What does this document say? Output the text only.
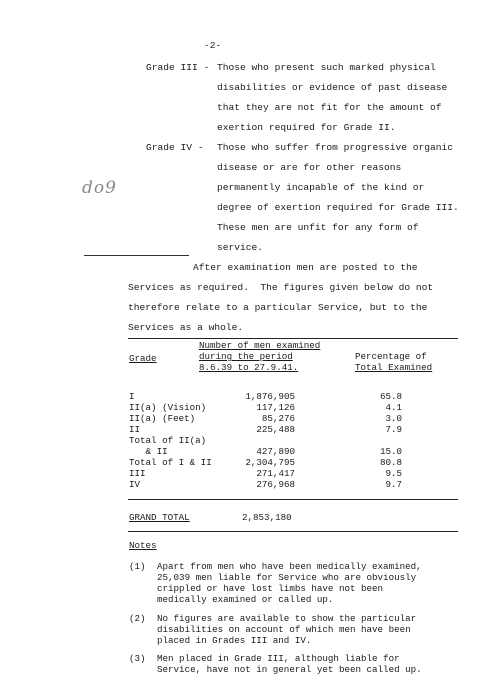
-2-
Grade III - Those who present such marked physical
disabilities or evidence of past disease
that they are not fit for the amount of
exertion required for Grade II.
Grade IV - Those who suffer from progressive organic
disease or are for other reasons
permanently incapable of the kind or
degree of exertion required for Grade III.
These men are unfit for any form of
service.
do9
After examination men are posted to the
Services as required.  The figures given below do not
therefore relate to a particular Service, but to the
Services as a whole.
Grade
Number of men examined
during the period
8.6.39 to 27.9.41.
Percentage of
Total Examined
I	1,876,905	65.8
II(a) (Vision)	117,126	4.1
II(a) (Feet)	85,276	3.0
II	225,488	7.9
Total of II(a)
& II	427,890	15.0
Total of I & II	2,304,795	80.8
III	271,417	9.5
IV	276,968	9.7
GRAND TOTAL	2,853,180
Notes
(1) Apart from men who have been medically examined,
25,039 men liable for Service who are obviously
crippled or have lost limbs have not been
medically examined or called up.
(2) No figures are available to show the particular
disabilities on account of which men have been
placed in Grades III and IV.
(3) Men placed in Grade III, although liable for
Service, have not in general yet been called up.
